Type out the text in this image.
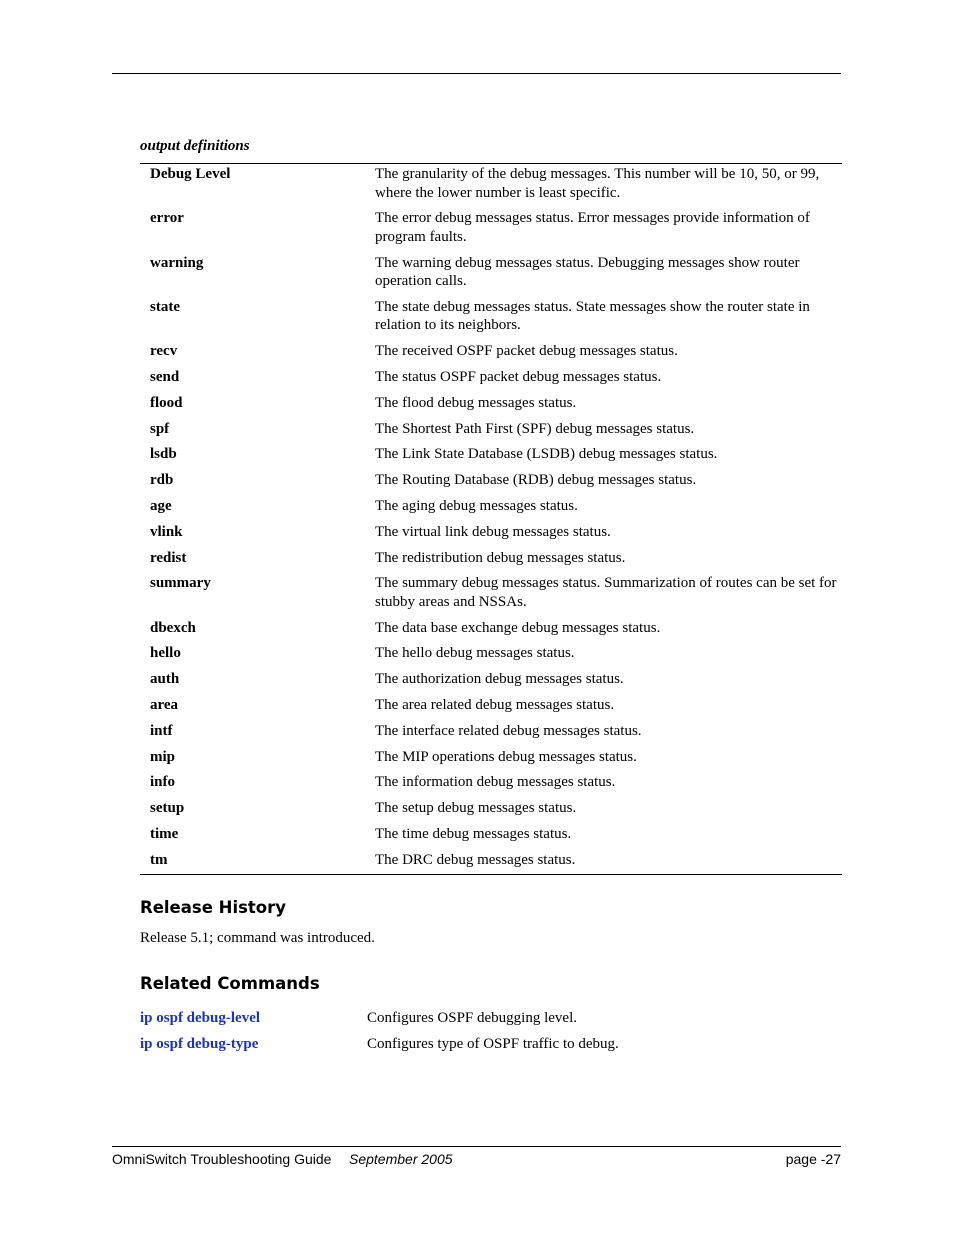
output definitions
Debug Level	The granularity of the debug messages. This number will be 10, 50, or 99, where the lower number is least specific.
error	The error debug messages status. Error messages provide information of program faults.
warning	The warning debug messages status. Debugging messages show router operation calls.
state	The state debug messages status. State messages show the router state in relation to its neighbors.
recv	The received OSPF packet debug messages status.
send	The status OSPF packet debug messages status.
flood	The flood debug messages status.
spf	The Shortest Path First (SPF) debug messages status.
lsdb	The Link State Database (LSDB) debug messages status.
rdb	The Routing Database (RDB) debug messages status.
age	The aging debug messages status.
vlink	The virtual link debug messages status.
redist	The redistribution debug messages status.
summary	The summary debug messages status. Summarization of routes can be set for stubby areas and NSSAs.
dbexch	The data base exchange debug messages status.
hello	The hello debug messages status.
auth	The authorization debug messages status.
area	The area related debug messages status.
intf	The interface related debug messages status.
mip	The MIP operations debug messages status.
info	The information debug messages status.
setup	The setup debug messages status.
time	The time debug messages status.
tm	The DRC debug messages status.
Release History
Release 5.1; command was introduced.
Related Commands
ip ospf debug-level	Configures OSPF debugging level.
ip ospf debug-type	Configures type of OSPF traffic to debug.
OmniSwitch Troubleshooting Guide September 2005	page -27
